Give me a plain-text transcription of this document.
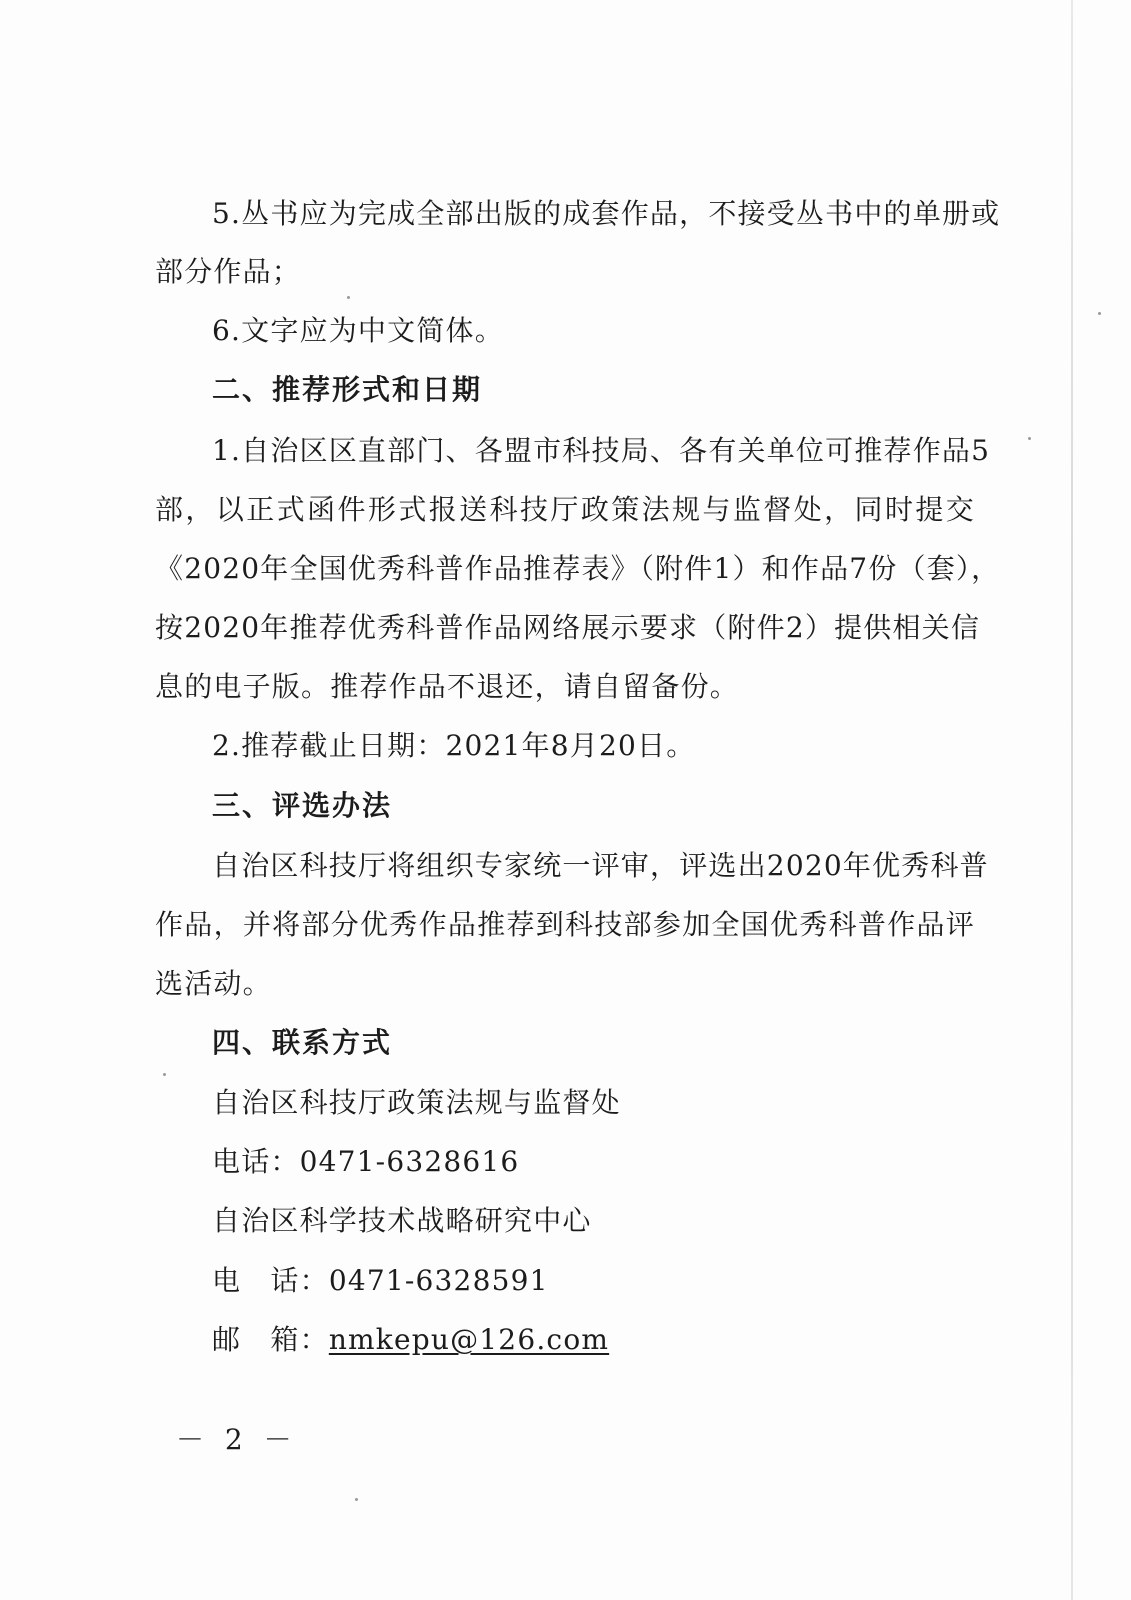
5.丛书应为完成全部出版的成套作品，不接受丛书中的单册或
部分作品；
6.文字应为中文简体。
二、推荐形式和日期
1.自治区区直部门、各盟市科技局、各有关单位可推荐作品5
部，以正式函件形式报送科技厅政策法规与监督处，同时提交
《2020年全国优秀科普作品推荐表》（附件1）和作品7份（套），
按2020年推荐优秀科普作品网络展示要求（附件2）提供相关信
息的电子版。推荐作品不退还，请自留备份。
2.推荐截止日期：2021年8月20日。
三、评选办法
自治区科技厅将组织专家统一评审，评选出2020年优秀科普
作品，并将部分优秀作品推荐到科技部参加全国优秀科普作品评
选活动。
四、联系方式
自治区科技厅政策法规与监督处
电话：0471-6328616
自治区科学技术战略研究中心
电　话：0471-6328591
邮　箱：nmkepu@126.com
－ 2 －
